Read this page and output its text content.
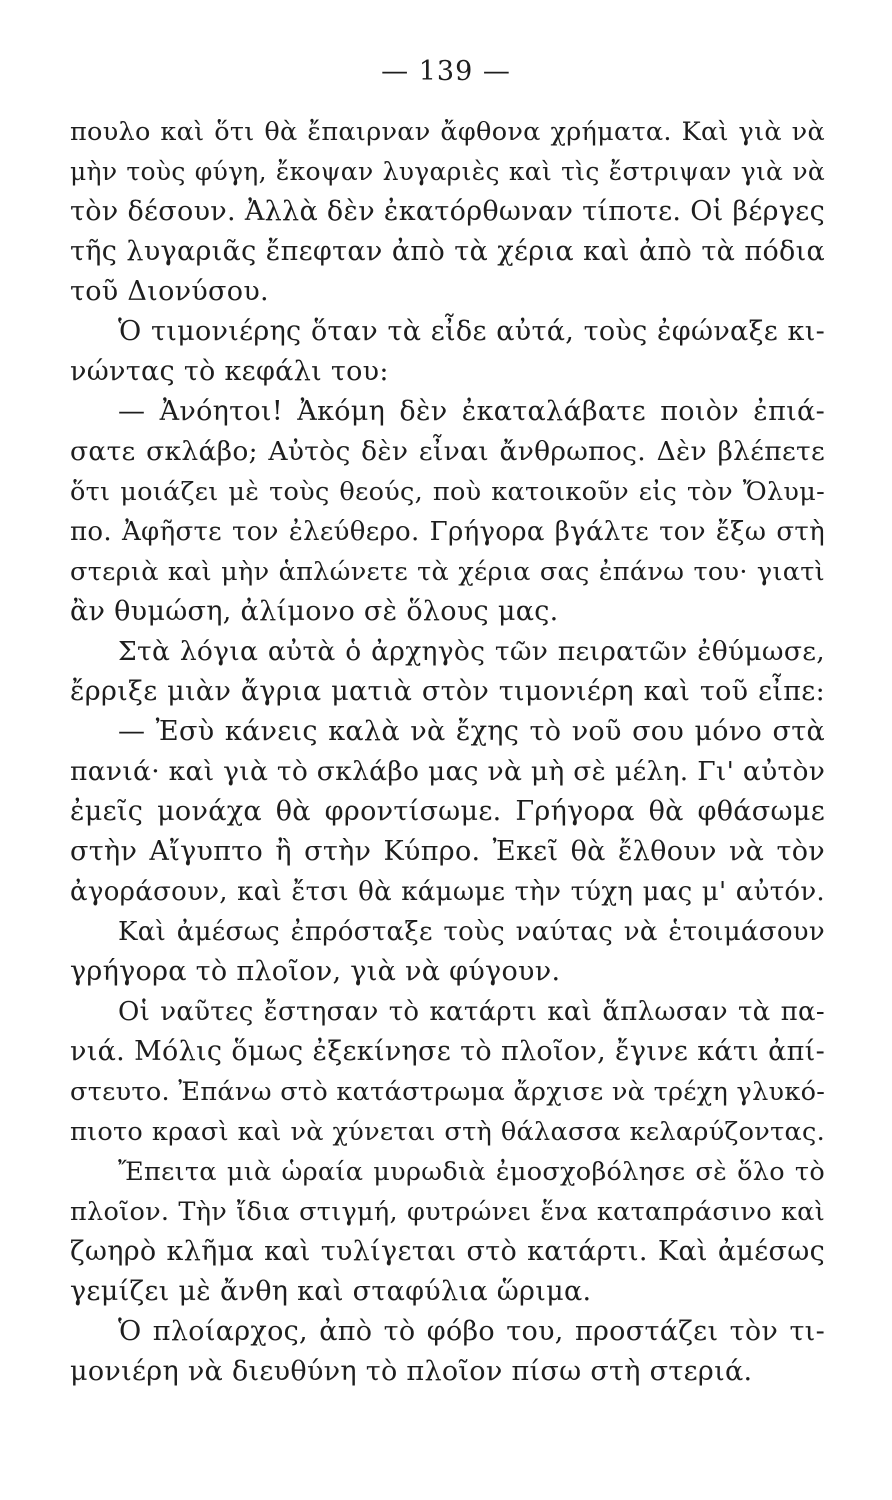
— 139 —
πουλο καὶ ὅτι θὰ ἔπαιρναν ἄφθονα χρήματα. Καὶ γιὰ νὰ
μὴν τοὺς φύγη, ἔκοψαν λυγαριὲς καὶ τὶς ἔστριψαν γιὰ νὰ
τὸν δέσουν. Ἀλλὰ δὲν ἐκατόρθωναν τίποτε. Οἱ βέργες
τῆς λυγαριᾶς ἔπεφταν ἀπὸ τὰ χέρια καὶ ἀπὸ τὰ πόδια
τοῦ Διονύσου.
Ὁ τιμονιέρης ὅταν τὰ εἶδε αὐτά, τοὺς ἐφώναξε κι-
νώντας τὸ κεφάλι του:
— Ἀνόητοι! Ἀκόμη δὲν ἐκαταλάβατε ποιὸν ἐπιά-
σατε σκλάβο; Αὐτὸς δὲν εἶναι ἄνθρωπος. Δὲν βλέπετε
ὅτι μοιάζει μὲ τοὺς θεούς, ποὺ κατοικοῦν εἰς τὸν Ὄλυμ-
πο. Ἀφῆστε τον ἐλεύθερο. Γρήγορα βγάλτε τον ἔξω στὴ
στεριὰ καὶ μὴν ἁπλώνετε τὰ χέρια σας ἐπάνω του· γιατὶ
ἂν θυμώση, ἀλίμονο σὲ ὅλους μας.
Στὰ λόγια αὐτὰ ὁ ἀρχηγὸς τῶν πειρατῶν ἐθύμωσε,
ἔρριξε μιὰν ἄγρια ματιὰ στὸν τιμονιέρη καὶ τοῦ εἶπε:
— Ἐσὺ κάνεις καλὰ νὰ ἔχης τὸ νοῦ σου μόνο στὰ
πανιά· καὶ γιὰ τὸ σκλάβο μας νὰ μὴ σὲ μέλη. Γι' αὐτὸν
ἐμεῖς μονάχα θὰ φροντίσωμε. Γρήγορα θὰ φθάσωμε
στὴν Αἴγυπτο ἢ στὴν Κύπρο. Ἐκεῖ θὰ ἔλθουν νὰ τὸν
ἀγοράσουν, καὶ ἔτσι θὰ κάμωμε τὴν τύχη μας μ' αὐτόν.
Καὶ ἀμέσως ἐπρόσταξε τοὺς ναύτας νὰ ἑτοιμάσουν
γρήγορα τὸ πλοῖον, γιὰ νὰ φύγουν.
Οἱ ναῦτες ἔστησαν τὸ κατάρτι καὶ ἅπλωσαν τὰ πα-
νιά. Μόλις ὅμως ἐξεκίνησε τὸ πλοῖον, ἔγινε κάτι ἀπί-
στευτο. Ἐπάνω στὸ κατάστρωμα ἄρχισε νὰ τρέχη γλυκό-
πιοτο κρασὶ καὶ νὰ χύνεται στὴ θάλασσα κελαρύζοντας.
Ἔπειτα μιὰ ὡραία μυρωδιὰ ἐμοσχοβόλησε σὲ ὅλο τὸ
πλοῖον. Τὴν ἴδια στιγμή, φυτρώνει ἕνα καταπράσινο καὶ
ζωηρὸ κλῆμα καὶ τυλίγεται στὸ κατάρτι. Καὶ ἀμέσως
γεμίζει μὲ ἄνθη καὶ σταφύλια ὥριμα.
Ὁ πλοίαρχος, ἀπὸ τὸ φόβο του, προστάζει τὸν τι-
μονιέρη νὰ διευθύνη τὸ πλοῖον πίσω στὴ στεριά.
